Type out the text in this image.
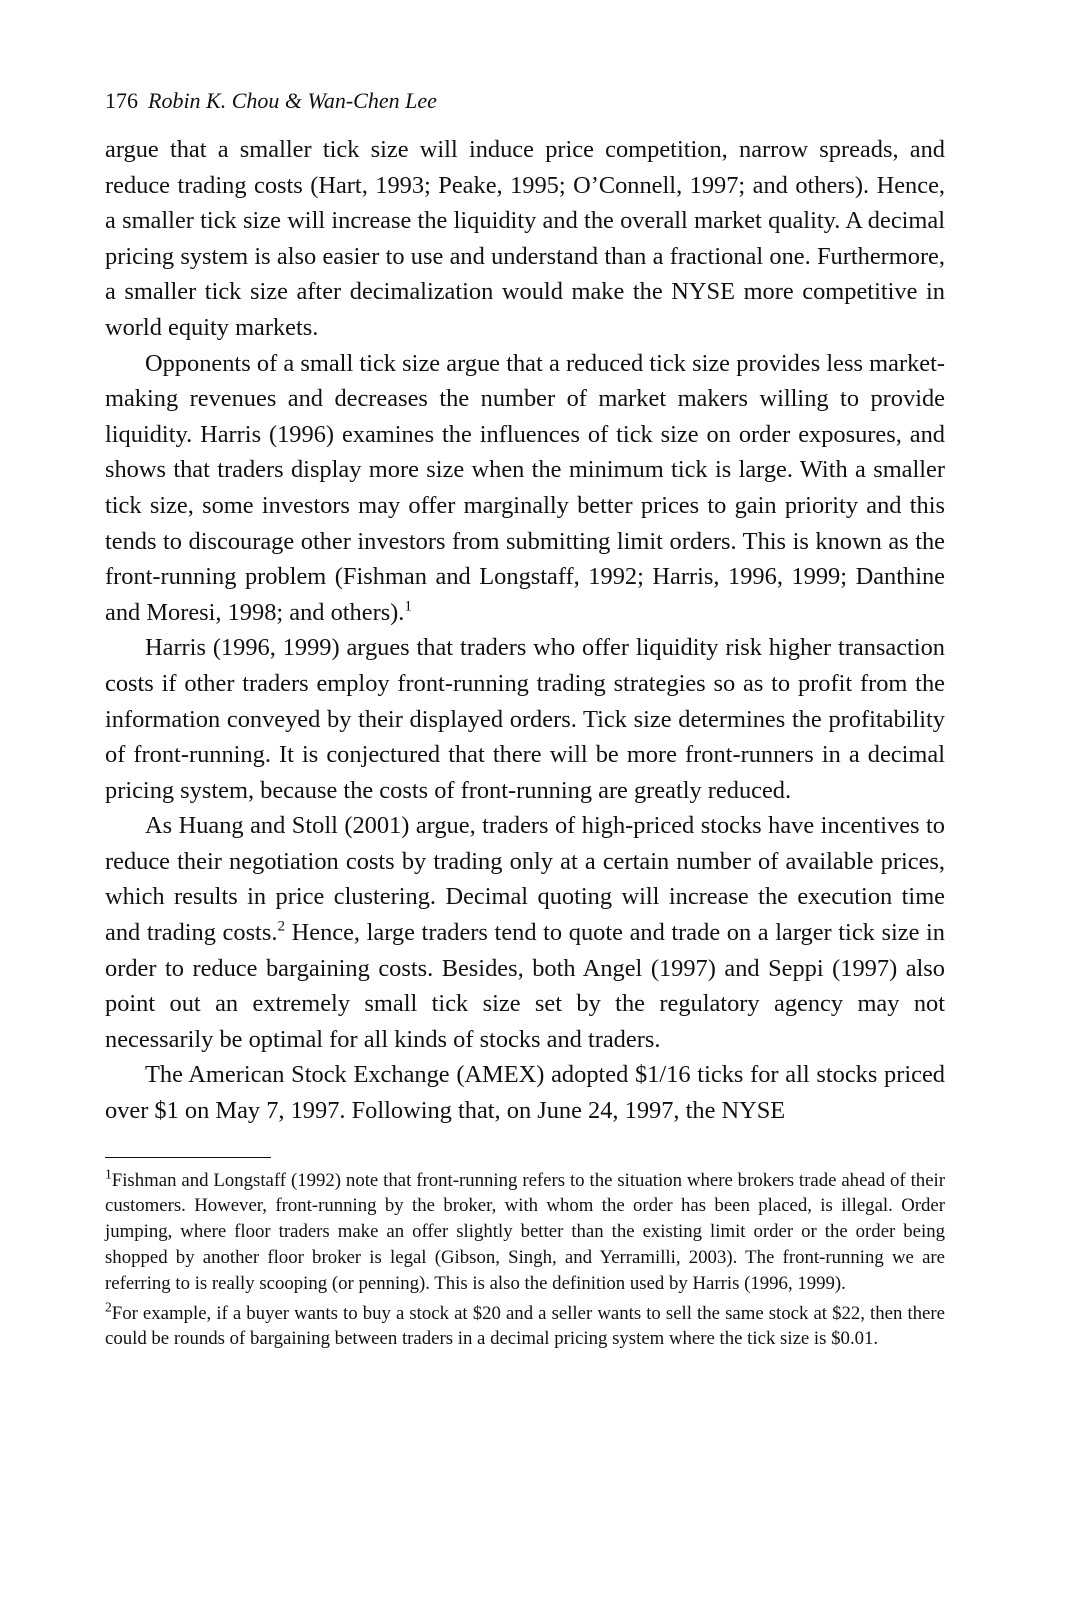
176 Robin K. Chou & Wan-Chen Lee

argue that a smaller tick size will induce price competition, narrow spreads, and reduce trading costs (Hart, 1993; Peake, 1995; O’Connell, 1997; and others). Hence, a smaller tick size will increase the liquidity and the overall market quality. A decimal pricing system is also easier to use and understand than a fractional one. Furthermore, a smaller tick size after decimalization would make the NYSE more competitive in world equity markets.

Opponents of a small tick size argue that a reduced tick size provides less market-making revenues and decreases the number of market makers willing to provide liquidity. Harris (1996) examines the influences of tick size on order exposures, and shows that traders display more size when the minimum tick is large. With a smaller tick size, some investors may offer marginally better prices to gain priority and this tends to discourage other investors from submitting limit orders. This is known as the front-running problem (Fishman and Longstaff, 1992; Harris, 1996, 1999; Danthine and Moresi, 1998; and others).$^1$

Harris (1996, 1999) argues that traders who offer liquidity risk higher transaction costs if other traders employ front-running trading strategies so as to profit from the information conveyed by their displayed orders. Tick size determines the profitability of front-running. It is conjectured that there will be more front-runners in a decimal pricing system, because the costs of front-running are greatly reduced.

As Huang and Stoll (2001) argue, traders of high-priced stocks have incentives to reduce their negotiation costs by trading only at a certain number of available prices, which results in price clustering. Decimal quoting will increase the execution time and trading costs.$^2$ Hence, large traders tend to quote and trade on a larger tick size in order to reduce bargaining costs. Besides, both Angel (1997) and Seppi (1997) also point out an extremely small tick size set by the regulatory agency may not necessarily be optimal for all kinds of stocks and traders.

The American Stock Exchange (AMEX) adopted $1/16 ticks for all stocks priced over $1 on May 7, 1997. Following that, on June 24, 1997, the NYSE

$^1$Fishman and Longstaff (1992) note that front-running refers to the situation where brokers trade ahead of their customers. However, front-running by the broker, with whom the order has been placed, is illegal. Order jumping, where floor traders make an offer slightly better than the existing limit order or the order being shopped by another floor broker is legal (Gibson, Singh, and Yerramilli, 2003). The front-running we are referring to is really scooping (or penning). This is also the definition used by Harris (1996, 1999).

$^2$For example, if a buyer wants to buy a stock at $20 and a seller wants to sell the same stock at $22, then there could be rounds of bargaining between traders in a decimal pricing system where the tick size is $0.01.
